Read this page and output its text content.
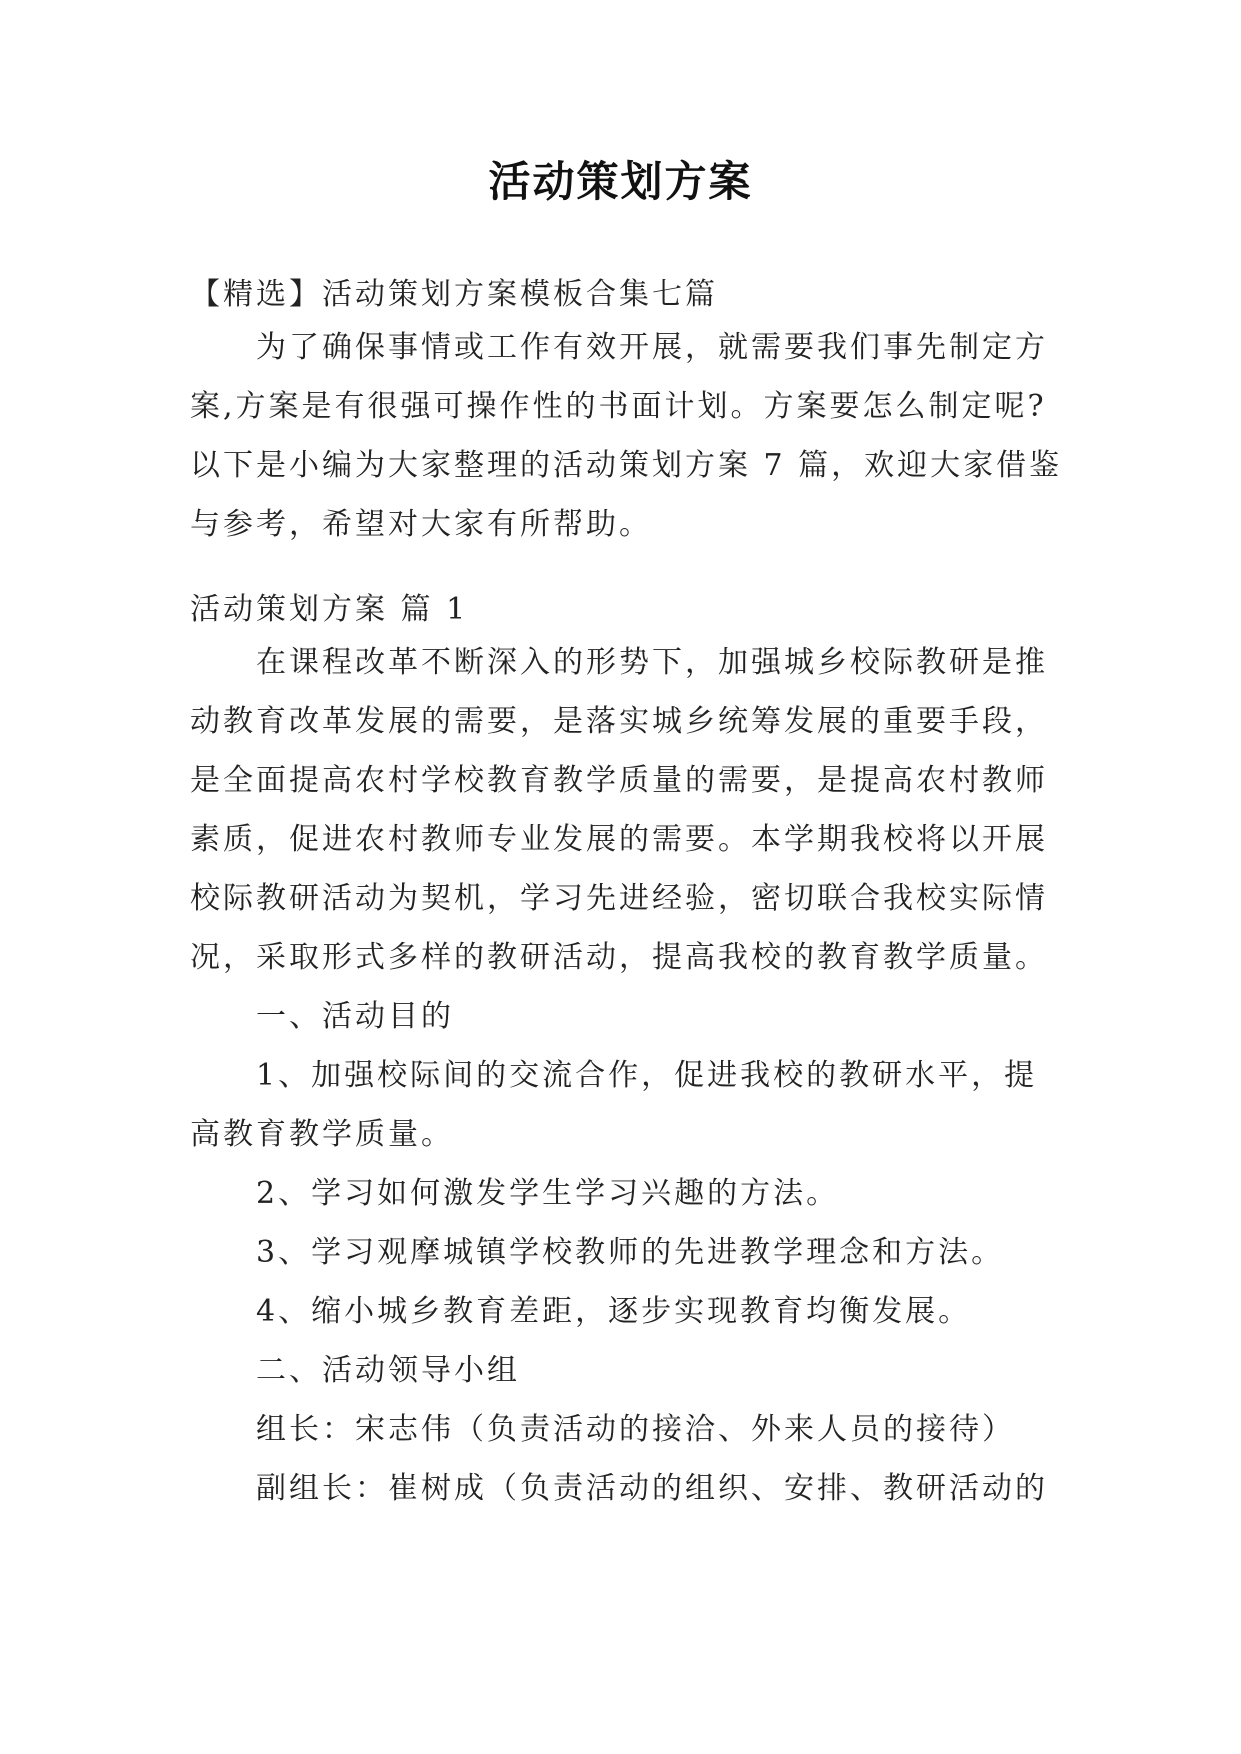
活动策划方案
【精选】活动策划方案模板合集七篇
为了确保事情或工作有效开展，就需要我们事先制定方
案,方案是有很强可操作性的书面计划。方案要怎么制定呢?
以下是小编为大家整理的活动策划方案 7 篇，欢迎大家借鉴
与参考，希望对大家有所帮助。
活动策划方案 篇 1
在课程改革不断深入的形势下，加强城乡校际教研是推
动教育改革发展的需要，是落实城乡统筹发展的重要手段，
是全面提高农村学校教育教学质量的需要，是提高农村教师
素质，促进农村教师专业发展的需要。本学期我校将以开展
校际教研活动为契机，学习先进经验，密切联合我校实际情
况，采取形式多样的教研活动，提高我校的教育教学质量。
一、活动目的
1、加强校际间的交流合作，促进我校的教研水平，提
高教育教学质量。
2、学习如何激发学生学习兴趣的方法。
3、学习观摩城镇学校教师的先进教学理念和方法。
4、缩小城乡教育差距，逐步实现教育均衡发展。
二、活动领导小组
组长：宋志伟（负责活动的接洽、外来人员的接待）
副组长：崔树成（负责活动的组织、安排、教研活动的
